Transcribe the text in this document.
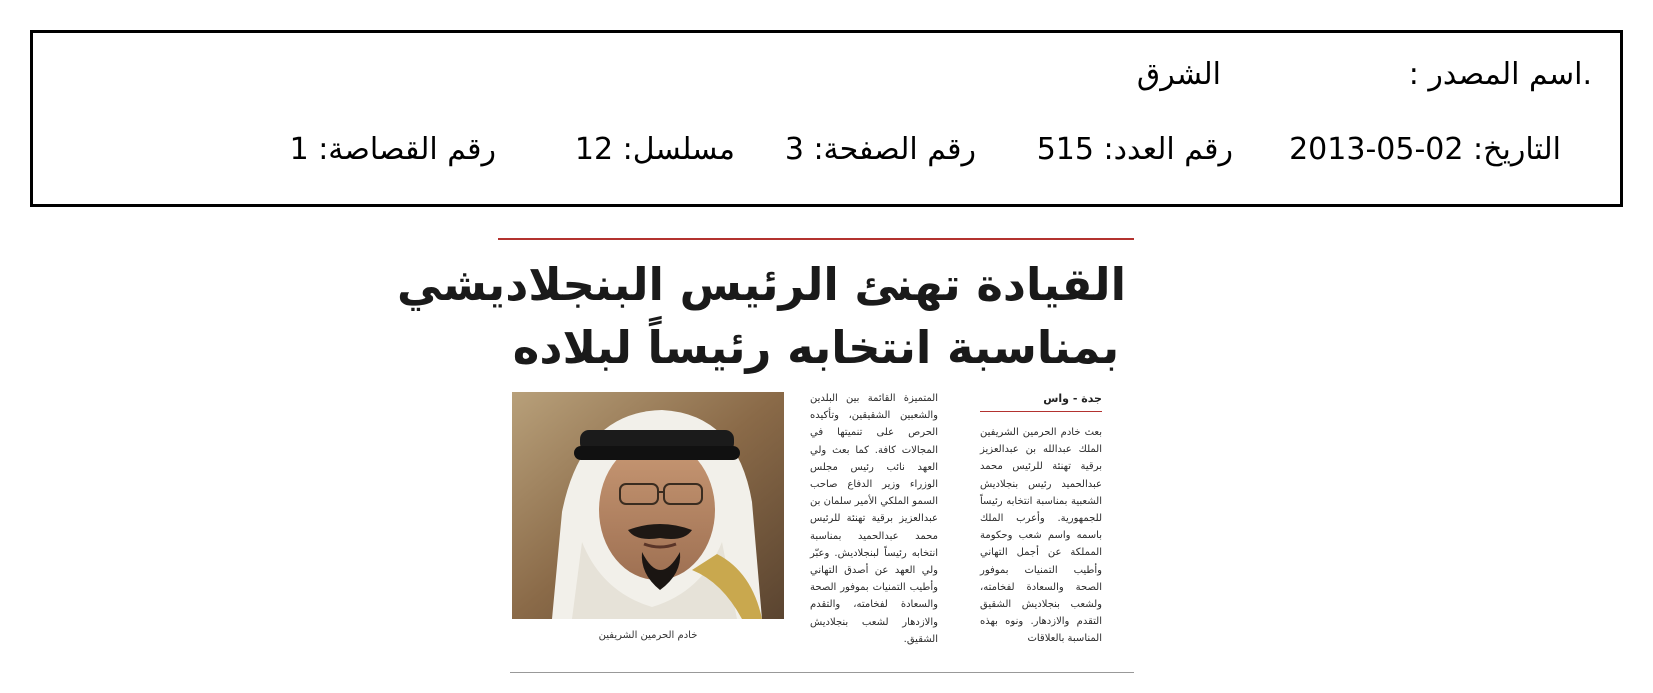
.اسم المصدر :
الشرق
التاريخ: 02-05-2013
رقم العدد: 515
رقم الصفحة: 3
مسلسل: 12
رقم القصاصة: 1
القيادة تهنئ الرئيس البنجلاديشي
بمناسبة انتخابه رئيساً لبلاده
جدة - واس

بعث خادم الحرمين الشريفين الملك عبدالله بن عبدالعزيز برقية تهنئة للرئيس محمد عبدالحميد رئيس بنجلاديش الشعبية بمناسبة انتخابه رئيساً للجمهورية. وأعرب الملك باسمه واسم شعب وحكومة المملكة عن أجمل التهاني وأطيب التمنيات بموفور الصحة والسعادة لفخامته، ولشعب بنجلاديش الشقيق التقدم والازدهار. ونوه بهذه المناسبة بالعلاقات

المتميزة القائمة بين البلدين والشعبين الشقيقين، وتأكيده الحرص على تنميتها في المجالات كافة. كما بعث ولي العهد نائب رئيس مجلس الوزراء وزير الدفاع صاحب السمو الملكي الأمير سلمان بن عبدالعزيز برقية تهنئة للرئيس محمد عبدالحميد بمناسبة انتخابه رئيساً لبنجلاديش. وعبّر ولي العهد عن أصدق التهاني وأطيب التمنيات بموفور الصحة والسعادة لفخامته، والتقدم والازدهار لشعب بنجلاديش الشقيق.

خادم الحرمين الشريفين
